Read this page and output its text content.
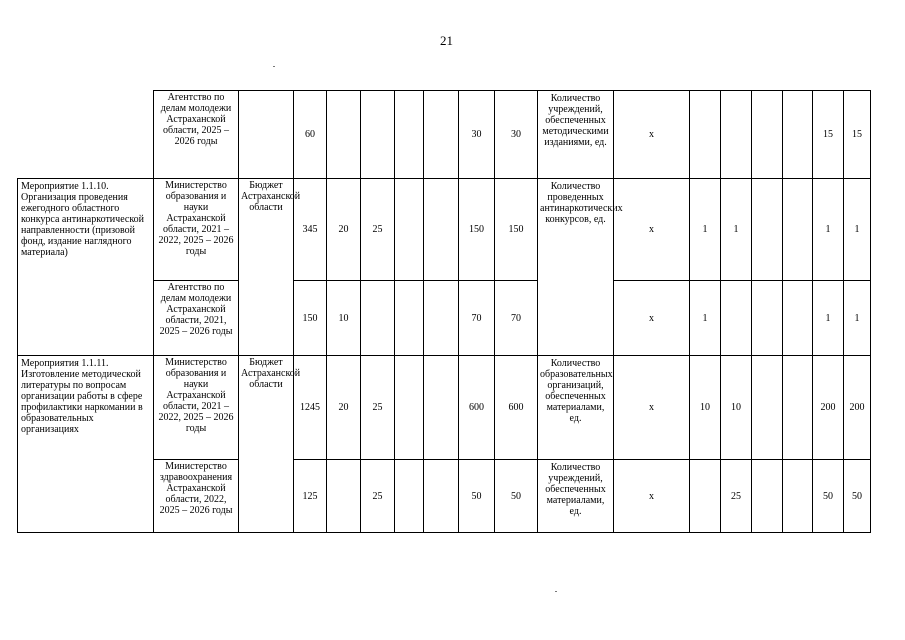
21
	Агентство по делам молодежи Астраханской области, 2025 – 2026 годы		60					30	30	Количество учреждений, обеспеченных методическими изданиями, ед.	х					15	15
Мероприятие 1.1.10. Организация проведения ежегодного областного конкурса антинаркотической направленности (призовой фонд, издание наглядного материала)	Министерство образования и науки Астраханской области, 2021 – 2022, 2025 – 2026 годы	Бюджет Астраханской области	345	20	25			150	150	Количество проведенных антинаркотических конкурсов, ед.	х	1	1			1	1
	Агентство по делам молодежи Астраханской области, 2021, 2025 – 2026 годы		150	10				70	70		х	1				1	1
Мероприятия 1.1.11. Изготовление методической литературы по вопросам организации работы в сфере профилактики наркомании в образовательных организациях	Министерство образования и науки Астраханской области, 2021 – 2022, 2025 – 2026 годы	Бюджет Астраханской области	1245	20	25			600	600	Количество образовательных организаций, обеспеченных материалами, ед.	х	10	10			200	200
	Министерство здравоохранения Астраханской области, 2022, 2025 – 2026 годы		125		25			50	50	Количество учреждений, обеспеченных материалами, ед.	х		25			50	50
